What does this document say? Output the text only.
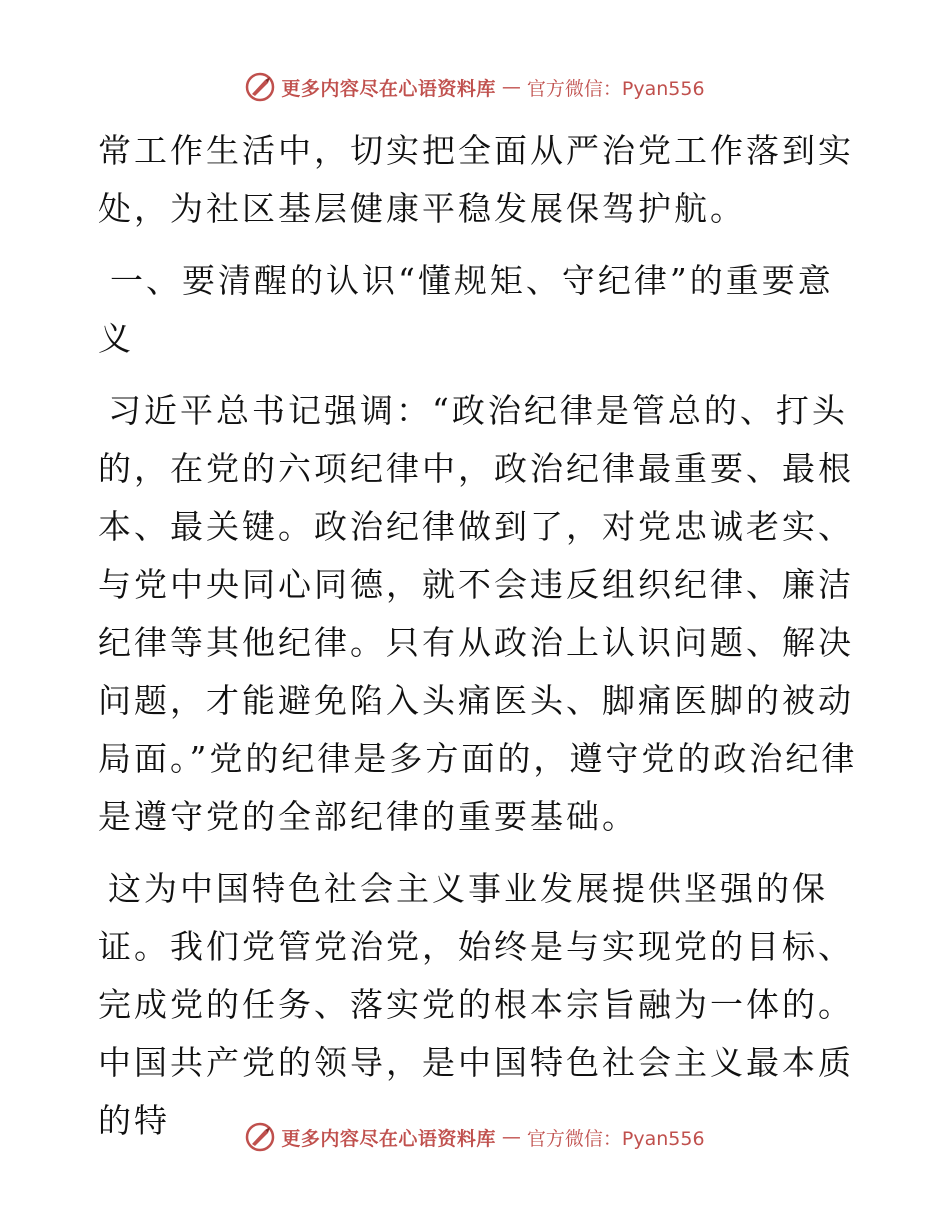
更多内容尽在心语资料库 — 官方微信：Pyan556

常工作生活中，切实把全面从严治党工作落到实处，为社区基层健康平稳发展保驾护航。

一、要清醒的认识“懂规矩、守纪律”的重要意义

习近平总书记强调：“政治纪律是管总的、打头的，在党的六项纪律中，政治纪律最重要、最根本、最关键。政治纪律做到了，对党忠诚老实、与党中央同心同德，就不会违反组织纪律、廉洁纪律等其他纪律。只有从政治上认识问题、解决问题，才能避免陷入头痛医头、脚痛医脚的被动局面。”党的纪律是多方面的，遵守党的政治纪律是遵守党的全部纪律的重要基础。

这为中国特色社会主义事业发展提供坚强的保证。我们党管党治党，始终是与实现党的目标、完成党的任务、落实党的根本宗旨融为一体的。中国共产党的领导，是中国特色社会主义最本质的特	更多内容尽在心语资料库 — 官方微信：Pyan556
